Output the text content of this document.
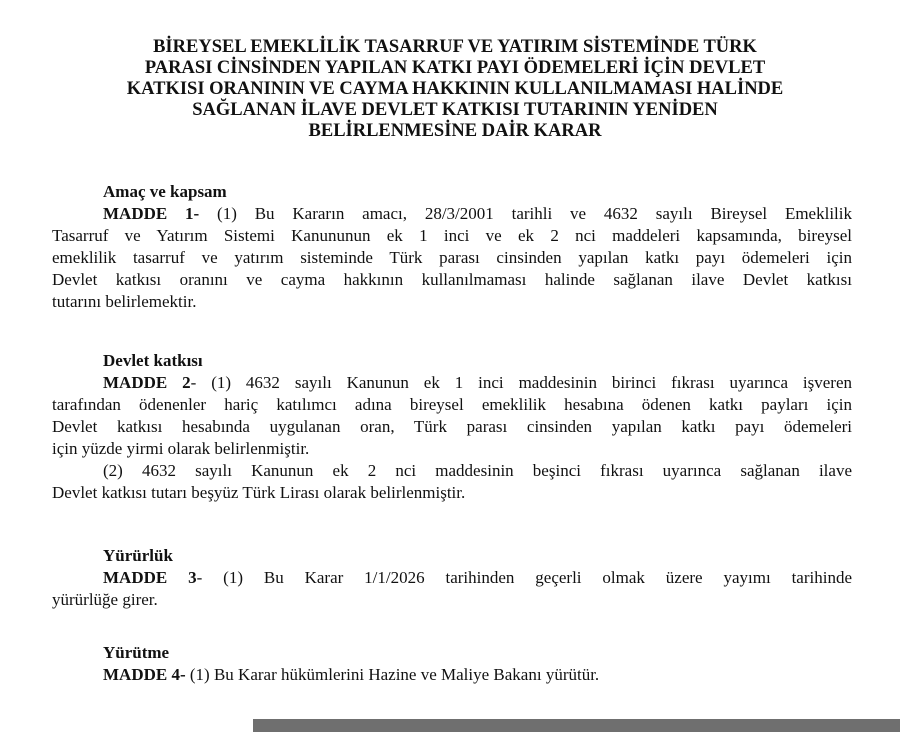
BİREYSEL EMEKLİLİK TASARRUF VE YATIRIM SİSTEMİNDE TÜRK
PARASI CİNSİNDEN YAPILAN KATKI PAYI ÖDEMELERİ İÇİN DEVLET
KATKISI ORANININ VE CAYMA HAKKININ KULLANILMAMASI HALİNDE
SAĞLANAN İLAVE DEVLET KATKISI TUTARININ YENİDEN
BELİRLENMESİNE DAİR KARAR
Amaç ve kapsam
MADDE 1- (1) Bu Kararın amacı, 28/3/2001 tarihli ve 4632 sayılı Bireysel Emeklilik
Tasarruf ve Yatırım Sistemi Kanununun ek 1 inci ve ek 2 nci maddeleri kapsamında, bireysel
emeklilik tasarruf ve yatırım sisteminde Türk parası cinsinden yapılan katkı payı ödemeleri için
Devlet katkısı oranını ve cayma hakkının kullanılmaması halinde sağlanan ilave Devlet katkısı
tutarını belirlemektir.
Devlet katkısı
MADDE 2- (1) 4632 sayılı Kanunun ek 1 inci maddesinin birinci fıkrası uyarınca işveren
tarafından ödenenler hariç katılımcı adına bireysel emeklilik hesabına ödenen katkı payları için
Devlet katkısı hesabında uygulanan oran, Türk parası cinsinden yapılan katkı payı ödemeleri
için yüzde yirmi olarak belirlenmiştir.
(2) 4632 sayılı Kanunun ek 2 nci maddesinin beşinci fıkrası uyarınca sağlanan ilave
Devlet katkısı tutarı beşyüz Türk Lirası olarak belirlenmiştir.
Yürürlük
MADDE 3- (1) Bu Karar 1/1/2026 tarihinden geçerli olmak üzere yayımı tarihinde
yürürlüğe girer.
Yürütme
MADDE 4- (1) Bu Karar hükümlerini Hazine ve Maliye Bakanı yürütür.
